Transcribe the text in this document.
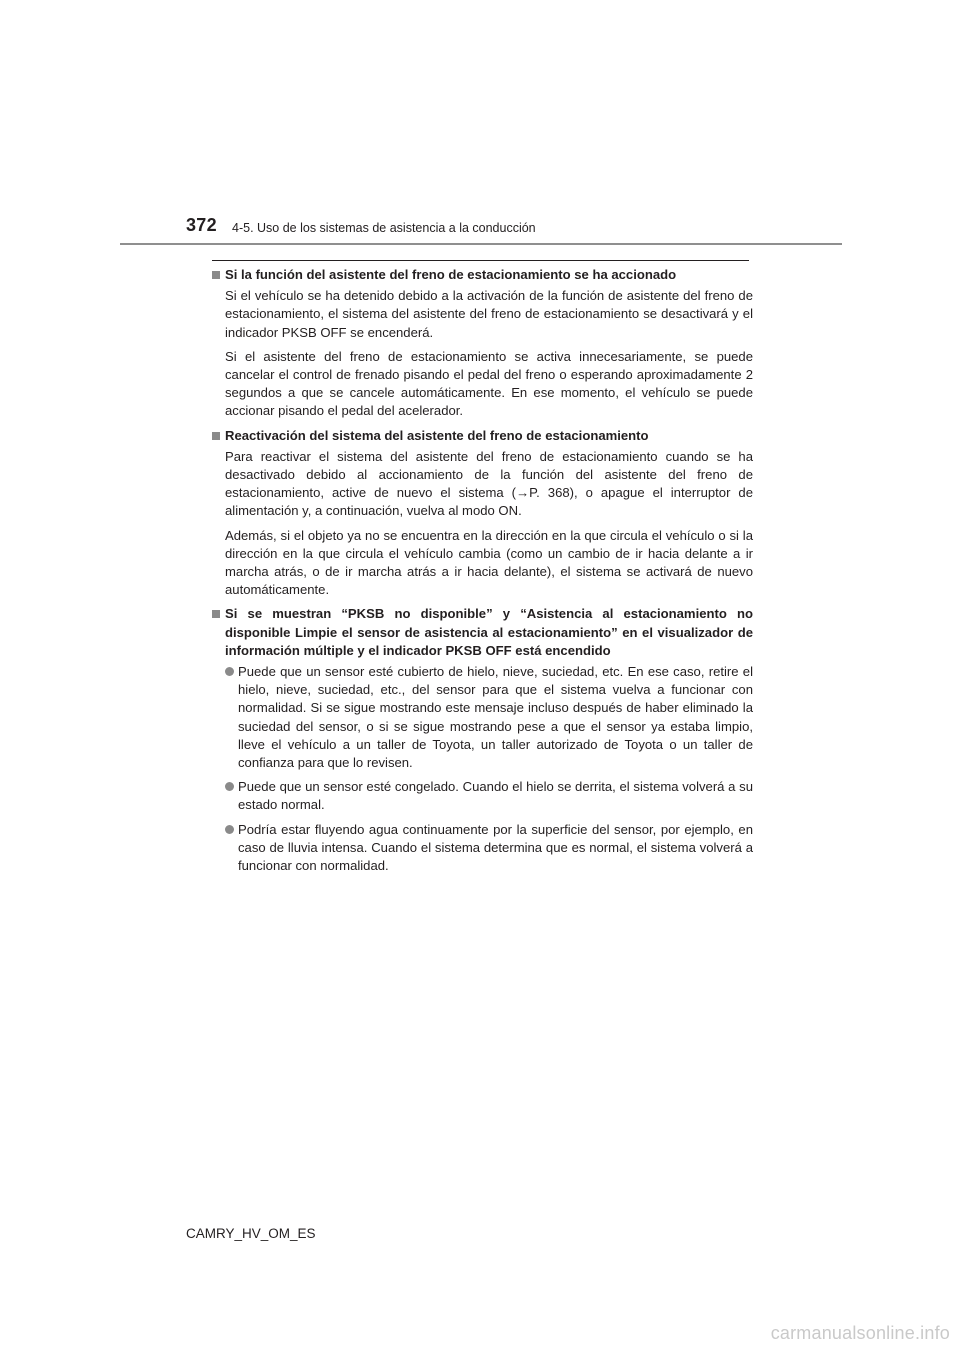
372 4-5. Uso de los sistemas de asistencia a la conducción
Si la función del asistente del freno de estacionamiento se ha accionado
Si el vehículo se ha detenido debido a la activación de la función de asistente del freno de estacionamiento, el sistema del asistente del freno de estacionamiento se desactivará y el indicador PKSB OFF se encenderá.
Si el asistente del freno de estacionamiento se activa innecesariamente, se puede cancelar el control de frenado pisando el pedal del freno o esperando aproximadamente 2 segundos a que se cancele automáticamente. En ese momento, el vehículo se puede accionar pisando el pedal del acelerador.
Reactivación del sistema del asistente del freno de estacionamiento
Para reactivar el sistema del asistente del freno de estacionamiento cuando se ha desactivado debido al accionamiento de la función del asistente del freno de estacionamiento, active de nuevo el sistema (→P. 368), o apague el interruptor de alimentación y, a continuación, vuelva al modo ON.
Además, si el objeto ya no se encuentra en la dirección en la que circula el vehículo o si la dirección en la que circula el vehículo cambia (como un cambio de ir hacia delante a ir marcha atrás, o de ir marcha atrás a ir hacia delante), el sistema se activará de nuevo automáticamente.
Si se muestran “PKSB no disponible” y “Asistencia al estacionamiento no disponible Limpie el sensor de asistencia al estacionamiento” en el visualizador de información múltiple y el indicador PKSB OFF está encendido
Puede que un sensor esté cubierto de hielo, nieve, suciedad, etc. En ese caso, retire el hielo, nieve, suciedad, etc., del sensor para que el sistema vuelva a funcionar con normalidad. Si se sigue mostrando este mensaje incluso después de haber eliminado la suciedad del sensor, o si se sigue mostrando pese a que el sensor ya estaba limpio, lleve el vehículo a un taller de Toyota, un taller autorizado de Toyota o un taller de confianza para que lo revisen.
Puede que un sensor esté congelado. Cuando el hielo se derrita, el sistema volverá a su estado normal.
Podría estar fluyendo agua continuamente por la superficie del sensor, por ejemplo, en caso de lluvia intensa. Cuando el sistema determina que es normal, el sistema volverá a funcionar con normalidad.
CAMRY_HV_OM_ES
carmanualsonline.info
